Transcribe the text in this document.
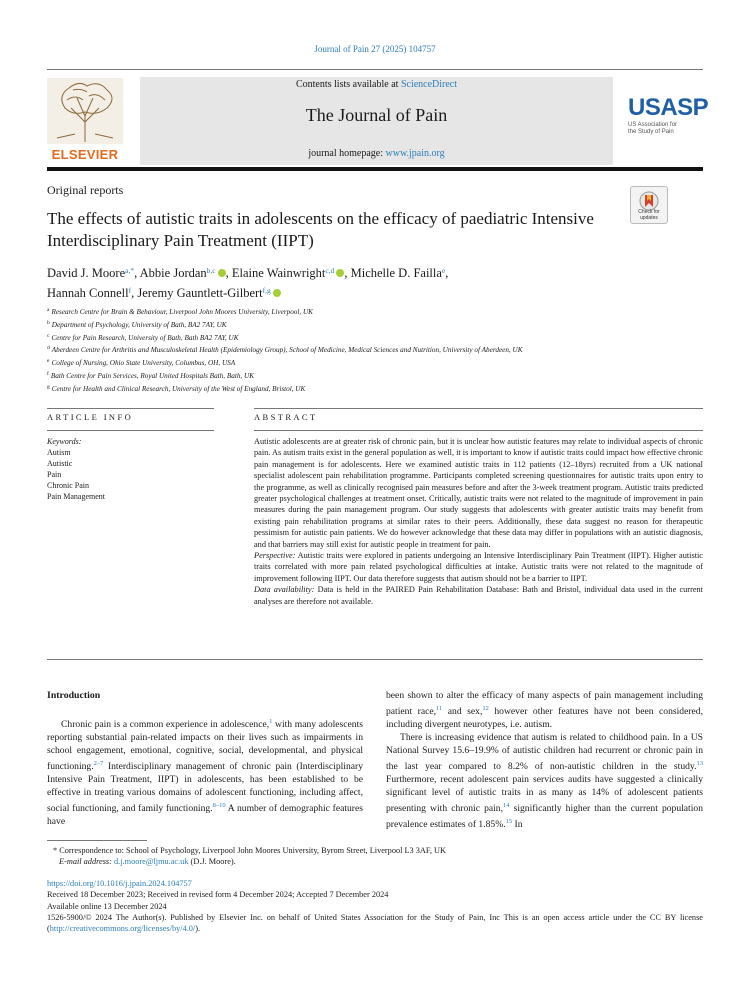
Journal of Pain 27 (2025) 104757
ELSEVIER
Contents lists available at ScienceDirect
The Journal of Pain
journal homepage: www.jpain.org
USASP
US Association for
the Study of Pain
Original reports
The effects of autistic traits in adolescents on the efficacy of paediatric Intensive Interdisciplinary Pain Treatment (IIPT)
Check for
updates
David J. Moore$^{a,*}$, Abbie Jordan$^{b,c}$ , Elaine Wainwright$^{c,d}$ , Michelle D. Failla$^e$,
Hannah Connell$^f$, Jeremy Gauntlett-Gilbert$^{f,g}$
$^a$ Research Centre for Brain & Behaviour, Liverpool John Moores University, Liverpool, UK
$^b$ Department of Psychology, University of Bath, BA2 7AY, UK
$^c$ Centre for Pain Research, University of Bath, Bath BA2 7AY, UK
$^d$ Aberdeen Centre for Arthritis and Musculoskeletal Health (Epidemiology Group), School of Medicine, Medical Sciences and Nutrition, University of Aberdeen, UK
$^e$ College of Nursing, Ohio State University, Columbus, OH, USA
$^f$ Bath Centre for Pain Services, Royal United Hospitals Bath, Bath, UK
$^g$ Centre for Health and Clinical Research, University of the West of England, Bristol, UK
ARTICLE INFO	ABSTRACT
Keywords:
Autism
Autistic
Pain
Chronic Pain
Pain Management

Autistic adolescents are at greater risk of chronic pain, but it is unclear how autistic features may relate to individual aspects of chronic pain. As autism traits exist in the general population as well, it is important to know if autistic traits could impact how effective chronic pain management is for adolescents. Here we examined autistic traits in 112 patients (12–18yrs) recruited from a UK national specialist adolescent pain rehabilitation programme. Participants completed screening questionnaires for autistic traits upon entry to the programme, as well as clinically recognised pain measures before and after the 3-week treatment program. Autistic traits predicted greater psychological challenges at treatment onset. Critically, autistic traits were not related to the magnitude of improvement in pain measures during the pain management program. Our study suggests that adolescents with greater autistic traits may benefit from existing pain rehabilitation programs at similar rates to their peers. Additionally, these data suggest no reason for therapeutic pessimism for autistic pain patients. We do however acknowledge that these data may differ in populations with an autistic diagnosis, and that barriers may still exist for autistic people in treatment for pain.

Perspective: Autistic traits were explored in patients undergoing an Intensive Interdisciplinary Pain Treatment (IIPT). Higher autistic traits correlated with more pain related psychological difficulties at intake. Autistic traits were not related to the magnitude of improvement following IIPT. Our data therefore suggests that autism should not be a barrier to IIPT.

Data availability: Data is held in the PAIRED Pain Rehabilitation Database: Bath and Bristol, individual data used in the current analyses are therefore not available.

Introduction

Chronic pain is a common experience in adolescence,$^1$ with many adolescents reporting substantial pain-related impacts on their lives such as impairments in school engagement, emotional, cognitive, social, developmental, and physical functioning.$^{2-7}$ Interdisciplinary management of chronic pain (Interdisciplinary Intensive Pain Treatment, IIPT) in adolescents, has been established to be effective in treating various domains of adolescent functioning, including affect, social functioning, and family functioning.$^{8-10}$ A number of demographic features have

been shown to alter the efficacy of many aspects of pain management including patient race,$^{11}$ and sex,$^{12}$ however other features have not been considered, including divergent neurotypes, i.e. autism.

There is increasing evidence that autism is related to childhood pain. In a US National Survey 15.6–19.9% of autistic children had recurrent or chronic pain in the last year compared to 8.2% of non-autistic children in the study.$^{13}$ Furthermore, recent adolescent pain services audits have suggested a clinically significant level of autistic traits in as many as 14% of adolescent patients presenting with chronic pain,$^{14}$ significantly higher than the current population prevalence estimates of 1.85%.$^{15}$ In

* Correspondence to: School of Psychology, Liverpool John Moores University, Byrom Street, Liverpool L3 3AF, UK
E-mail address: d.j.moore@ljmu.ac.uk (D.J. Moore).
https://doi.org/10.1016/j.jpain.2024.104757
Received 18 December 2023; Received in revised form 4 December 2024; Accepted 7 December 2024
Available online 13 December 2024
1526-5900/© 2024 The Author(s). Published by Elsevier Inc. on behalf of United States Association for the Study of Pain, Inc This is an open access article under the CC BY license (http://creativecommons.org/licenses/by/4.0/).
